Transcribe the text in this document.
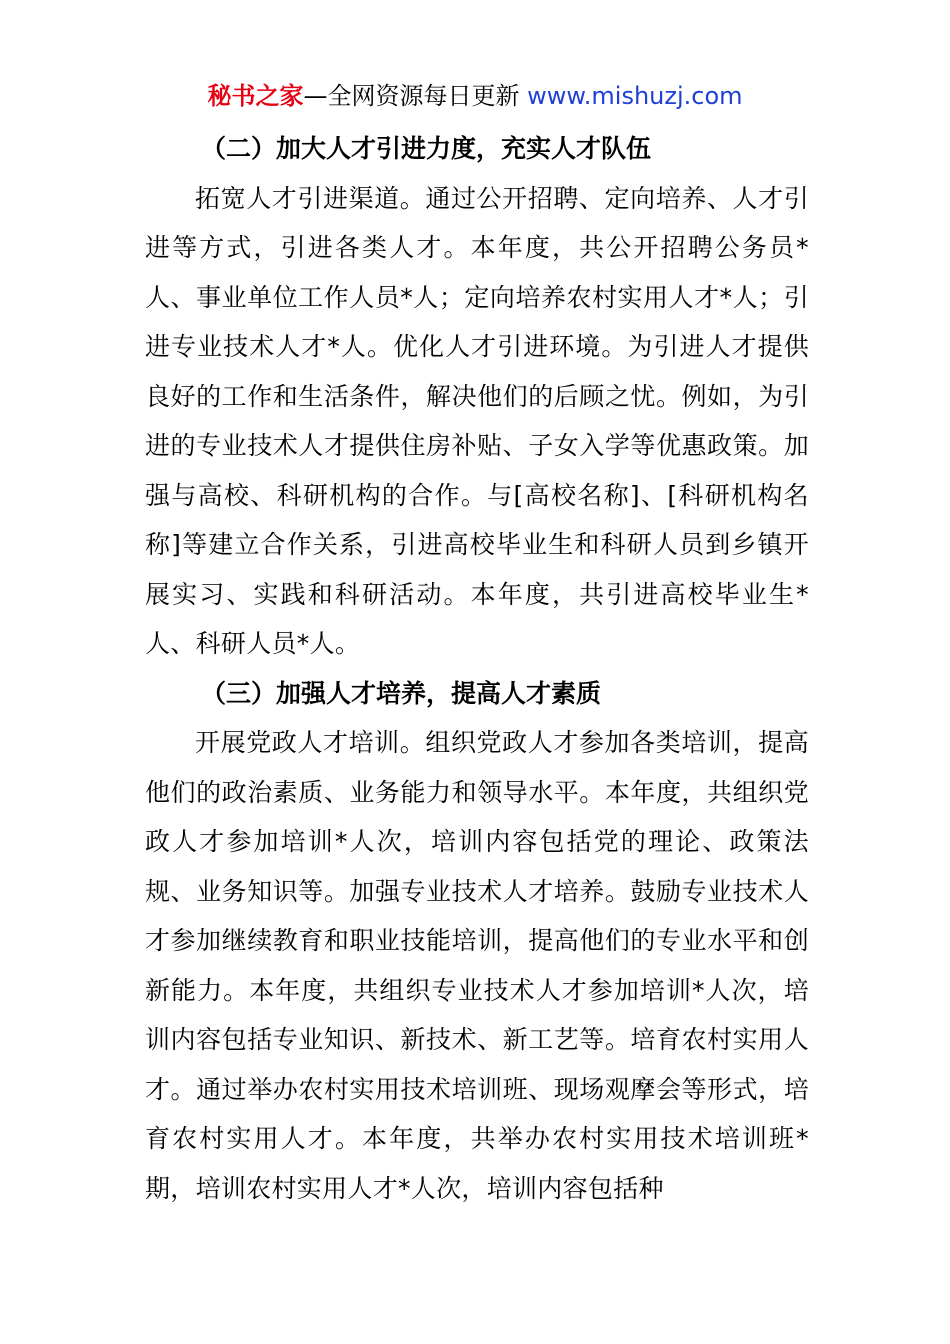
秘书之家—全网资源每日更新 www.mishuzj.com

（二）加大人才引进力度，充实人才队伍

拓宽人才引进渠道。通过公开招聘、定向培养、人才引进等方式，引进各类人才。本年度，共公开招聘公务员*人、事业单位工作人员*人；定向培养农村实用人才*人；引进专业技术人才*人。优化人才引进环境。为引进人才提供良好的工作和生活条件，解决他们的后顾之忧。例如，为引进的专业技术人才提供住房补贴、子女入学等优惠政策。加强与高校、科研机构的合作。与[高校名称]、[科研机构名称]等建立合作关系，引进高校毕业生和科研人员到乡镇开展实习、实践和科研活动。本年度，共引进高校毕业生*人、科研人员*人。

（三）加强人才培养，提高人才素质

开展党政人才培训。组织党政人才参加各类培训，提高他们的政治素质、业务能力和领导水平。本年度，共组织党政人才参加培训*人次，培训内容包括党的理论、政策法规、业务知识等。加强专业技术人才培养。鼓励专业技术人才参加继续教育和职业技能培训，提高他们的专业水平和创新能力。本年度，共组织专业技术人才参加培训*人次，培训内容包括专业知识、新技术、新工艺等。培育农村实用人才。通过举办农村实用技术培训班、现场观摩会等形式，培育农村实用人才。本年度，共举办农村实用技术培训班*期，培训农村实用人才*人次，培训内容包括种
